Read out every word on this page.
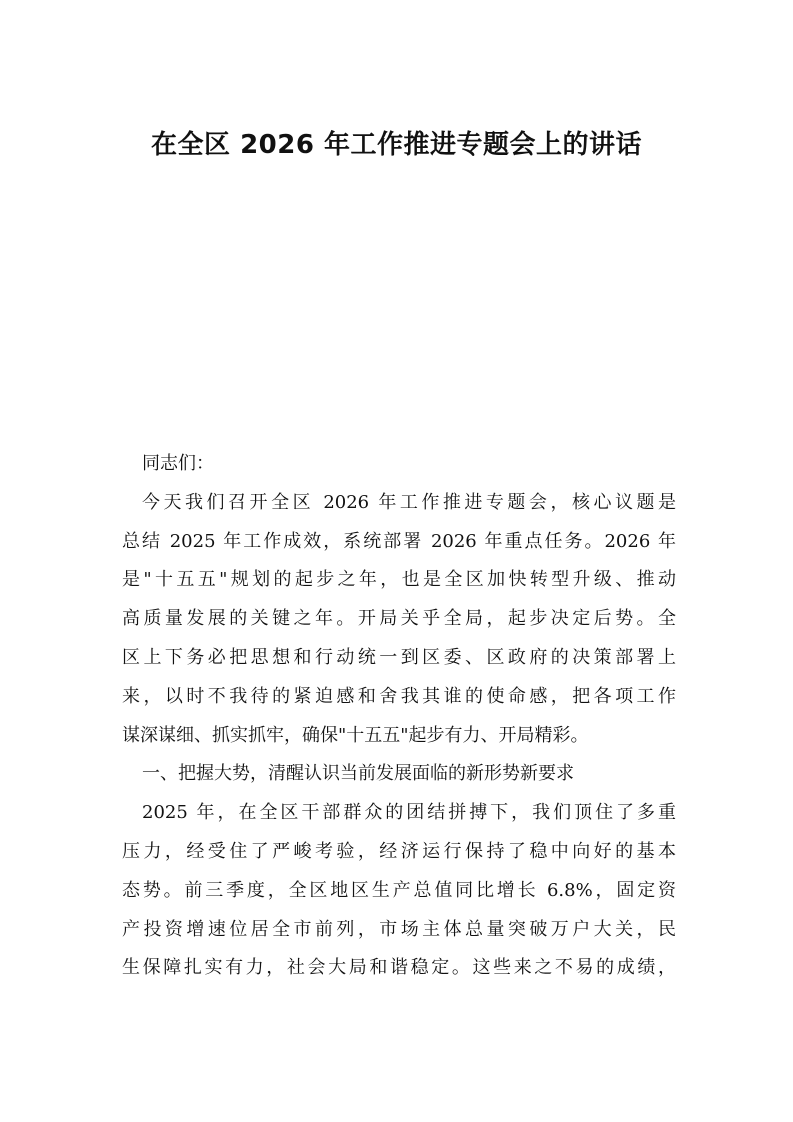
在全区 2026 年工作推进专题会上的讲话

同志们：

今天我们召开全区 2026 年工作推进专题会，核心议题是

总结 2025 年工作成效，系统部署 2026 年重点任务。2026 年

是"十五五"规划的起步之年，也是全区加快转型升级、推动

高质量发展的关键之年。开局关乎全局，起步决定后势。全

区上下务必把思想和行动统一到区委、区政府的决策部署上

来，以时不我待的紧迫感和舍我其谁的使命感，把各项工作

谋深谋细、抓实抓牢，确保"十五五"起步有力、开局精彩。

一、把握大势，清醒认识当前发展面临的新形势新要求

2025 年，在全区干部群众的团结拼搏下，我们顶住了多重

压力，经受住了严峻考验，经济运行保持了稳中向好的基本

态势。前三季度，全区地区生产总值同比增长 6.8%，固定资

产投资增速位居全市前列，市场主体总量突破万户大关，民

生保障扎实有力，社会大局和谐稳定。这些来之不易的成绩，
